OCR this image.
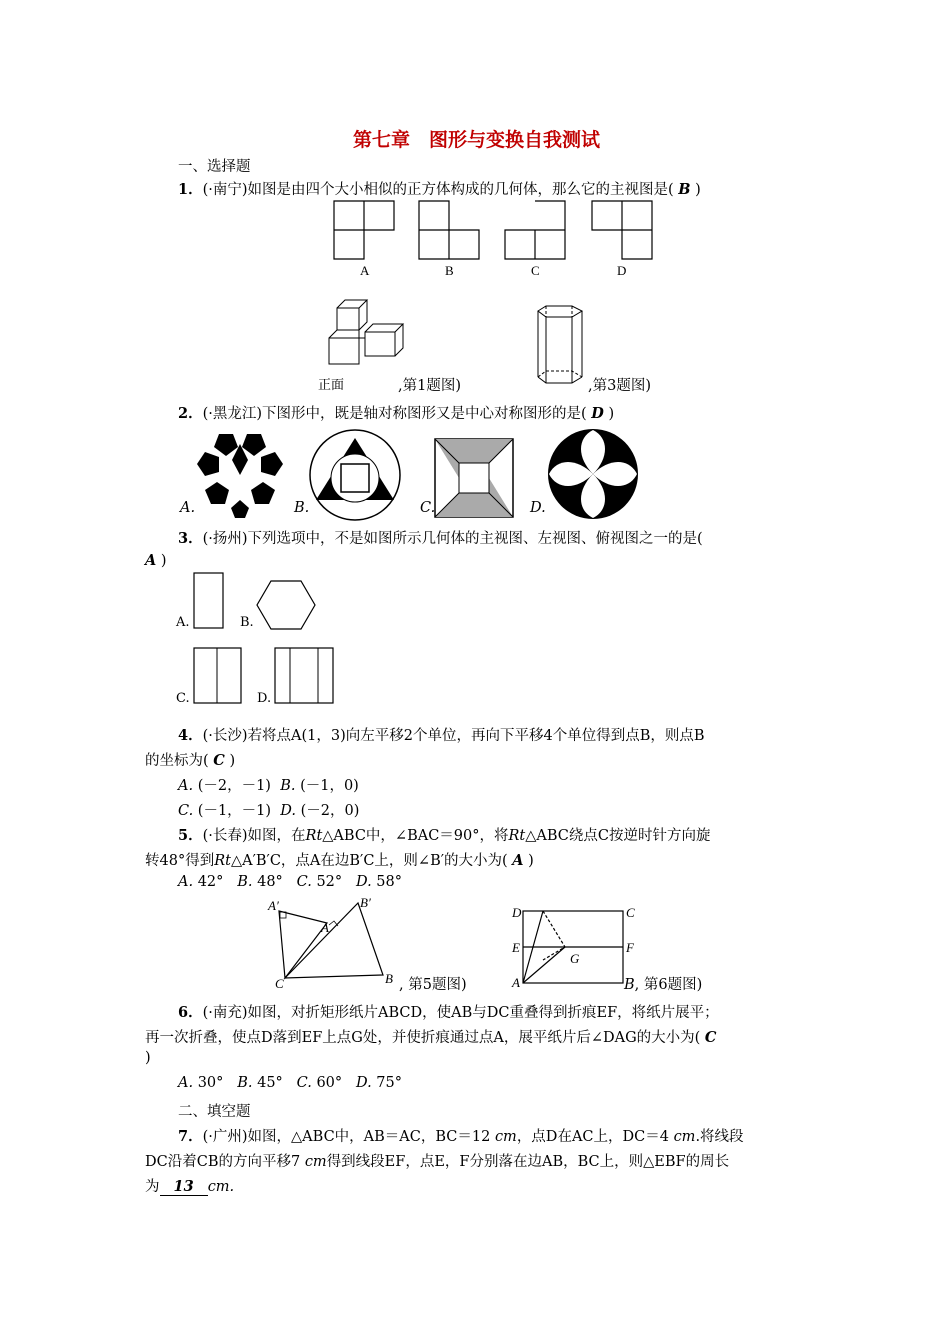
第七章　图形与变换自我测试
一、选择题
1．(·南宁)如图是由四个大小相似的正方体构成的几何体，那么它的主视图是( B )
A	B	C	D
正面	,第1题图)	,第3题图)
2．(·黑龙江)下图形中，既是轴对称图形又是中心对称图形的是( D )
A.	B.	C.	D.
3．(·扬州)下列选项中，不是如图所示几何体的主视图、左视图、俯视图之一的是(
A )
A.	B.
C.	D.
4．(·长沙)若将点A(1，3)向左平移2个单位，再向下平移4个单位得到点B，则点B
的坐标为( C )
A. (－2，－1) B. (－1，0)
C. (－1，－1) D. (－2，0)
5．(·长春)如图，在Rt△ABC中，∠BAC＝90°，将Rt△ABC绕点C按逆时针方向旋
转48°得到Rt△A′B′C，点A在边B′C上，则∠B′的大小为( A )
A. 42° B. 48° C. 52° D. 58°
A′	B′
A
C	B , 第5题图)
D	C
E	F
G
A	B, 第6题图)
6．(·南充)如图，对折矩形纸片ABCD，使AB与DC重叠得到折痕EF，将纸片展平；
再一次折叠，使点D落到EF上点G处，并使折痕通过点A，展平纸片后∠DAG的大小为( C
)
A. 30° B. 45° C. 60° D. 75°
二、填空题
7．(·广州)如图，△ABC中，AB＝AC，BC＝12 cm，点D在AC上，DC＝4 cm.将线段
DC沿着CB的方向平移7 cm得到线段EF，点E，F分别落在边AB，BC上，则△EBF的周长
为 13 cm.
